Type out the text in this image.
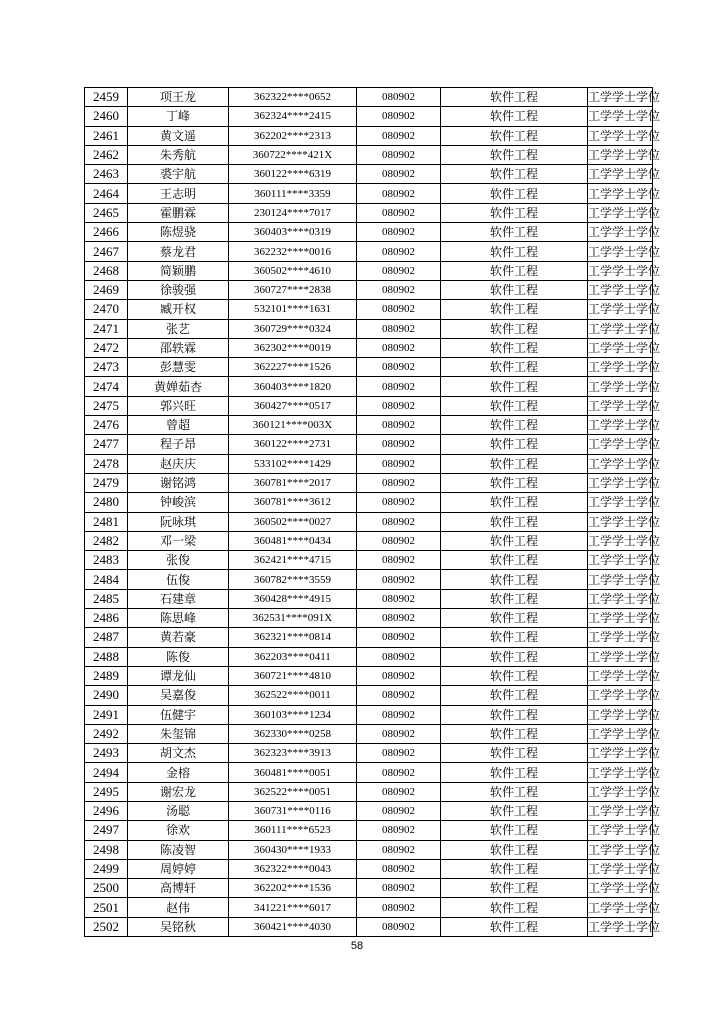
2459	项王龙	362322****0652	080902	软件工程	工学学士学位
2460	丁峰	362324****2415	080902	软件工程	工学学士学位
2461	黄文遥	362202****2313	080902	软件工程	工学学士学位
2462	朱秀航	360722****421X	080902	软件工程	工学学士学位
2463	裘宇航	360122****6319	080902	软件工程	工学学士学位
2464	王志明	360111****3359	080902	软件工程	工学学士学位
2465	霍鹏霖	230124****7017	080902	软件工程	工学学士学位
2466	陈煜骁	360403****0319	080902	软件工程	工学学士学位
2467	蔡龙君	362232****0016	080902	软件工程	工学学士学位
2468	简颖鹏	360502****4610	080902	软件工程	工学学士学位
2469	徐骏强	360727****2838	080902	软件工程	工学学士学位
2470	臧开权	532101****1631	080902	软件工程	工学学士学位
2471	张艺	360729****0324	080902	软件工程	工学学士学位
2472	邵轶霖	362302****0019	080902	软件工程	工学学士学位
2473	彭慧雯	362227****1526	080902	软件工程	工学学士学位
2474	黄婵茹杏	360403****1820	080902	软件工程	工学学士学位
2475	郭兴旺	360427****0517	080902	软件工程	工学学士学位
2476	曾超	360121****003X	080902	软件工程	工学学士学位
2477	程子昂	360122****2731	080902	软件工程	工学学士学位
2478	赵庆庆	533102****1429	080902	软件工程	工学学士学位
2479	谢铭鸿	360781****2017	080902	软件工程	工学学士学位
2480	钟峻滨	360781****3612	080902	软件工程	工学学士学位
2481	阮咏琪	360502****0027	080902	软件工程	工学学士学位
2482	邓一梁	360481****0434	080902	软件工程	工学学士学位
2483	张俊	362421****4715	080902	软件工程	工学学士学位
2484	伍俊	360782****3559	080902	软件工程	工学学士学位
2485	石建章	360428****4915	080902	软件工程	工学学士学位
2486	陈思峰	362531****091X	080902	软件工程	工学学士学位
2487	黄若豪	362321****0814	080902	软件工程	工学学士学位
2488	陈俊	362203****0411	080902	软件工程	工学学士学位
2489	谭龙仙	360721****4810	080902	软件工程	工学学士学位
2490	吴嘉俊	362522****0011	080902	软件工程	工学学士学位
2491	伍健宇	360103****1234	080902	软件工程	工学学士学位
2492	朱玺锦	362330****0258	080902	软件工程	工学学士学位
2493	胡文杰	362323****3913	080902	软件工程	工学学士学位
2494	金榕	360481****0051	080902	软件工程	工学学士学位
2495	谢宏龙	362522****0051	080902	软件工程	工学学士学位
2496	汤聪	360731****0116	080902	软件工程	工学学士学位
2497	徐欢	360111****6523	080902	软件工程	工学学士学位
2498	陈凌智	360430****1933	080902	软件工程	工学学士学位
2499	周婷婷	362322****0043	080902	软件工程	工学学士学位
2500	高博轩	362202****1536	080902	软件工程	工学学士学位
2501	赵伟	341221****6017	080902	软件工程	工学学士学位
2502	吴铭秋	360421****4030	080902	软件工程	工学学士学位
58
